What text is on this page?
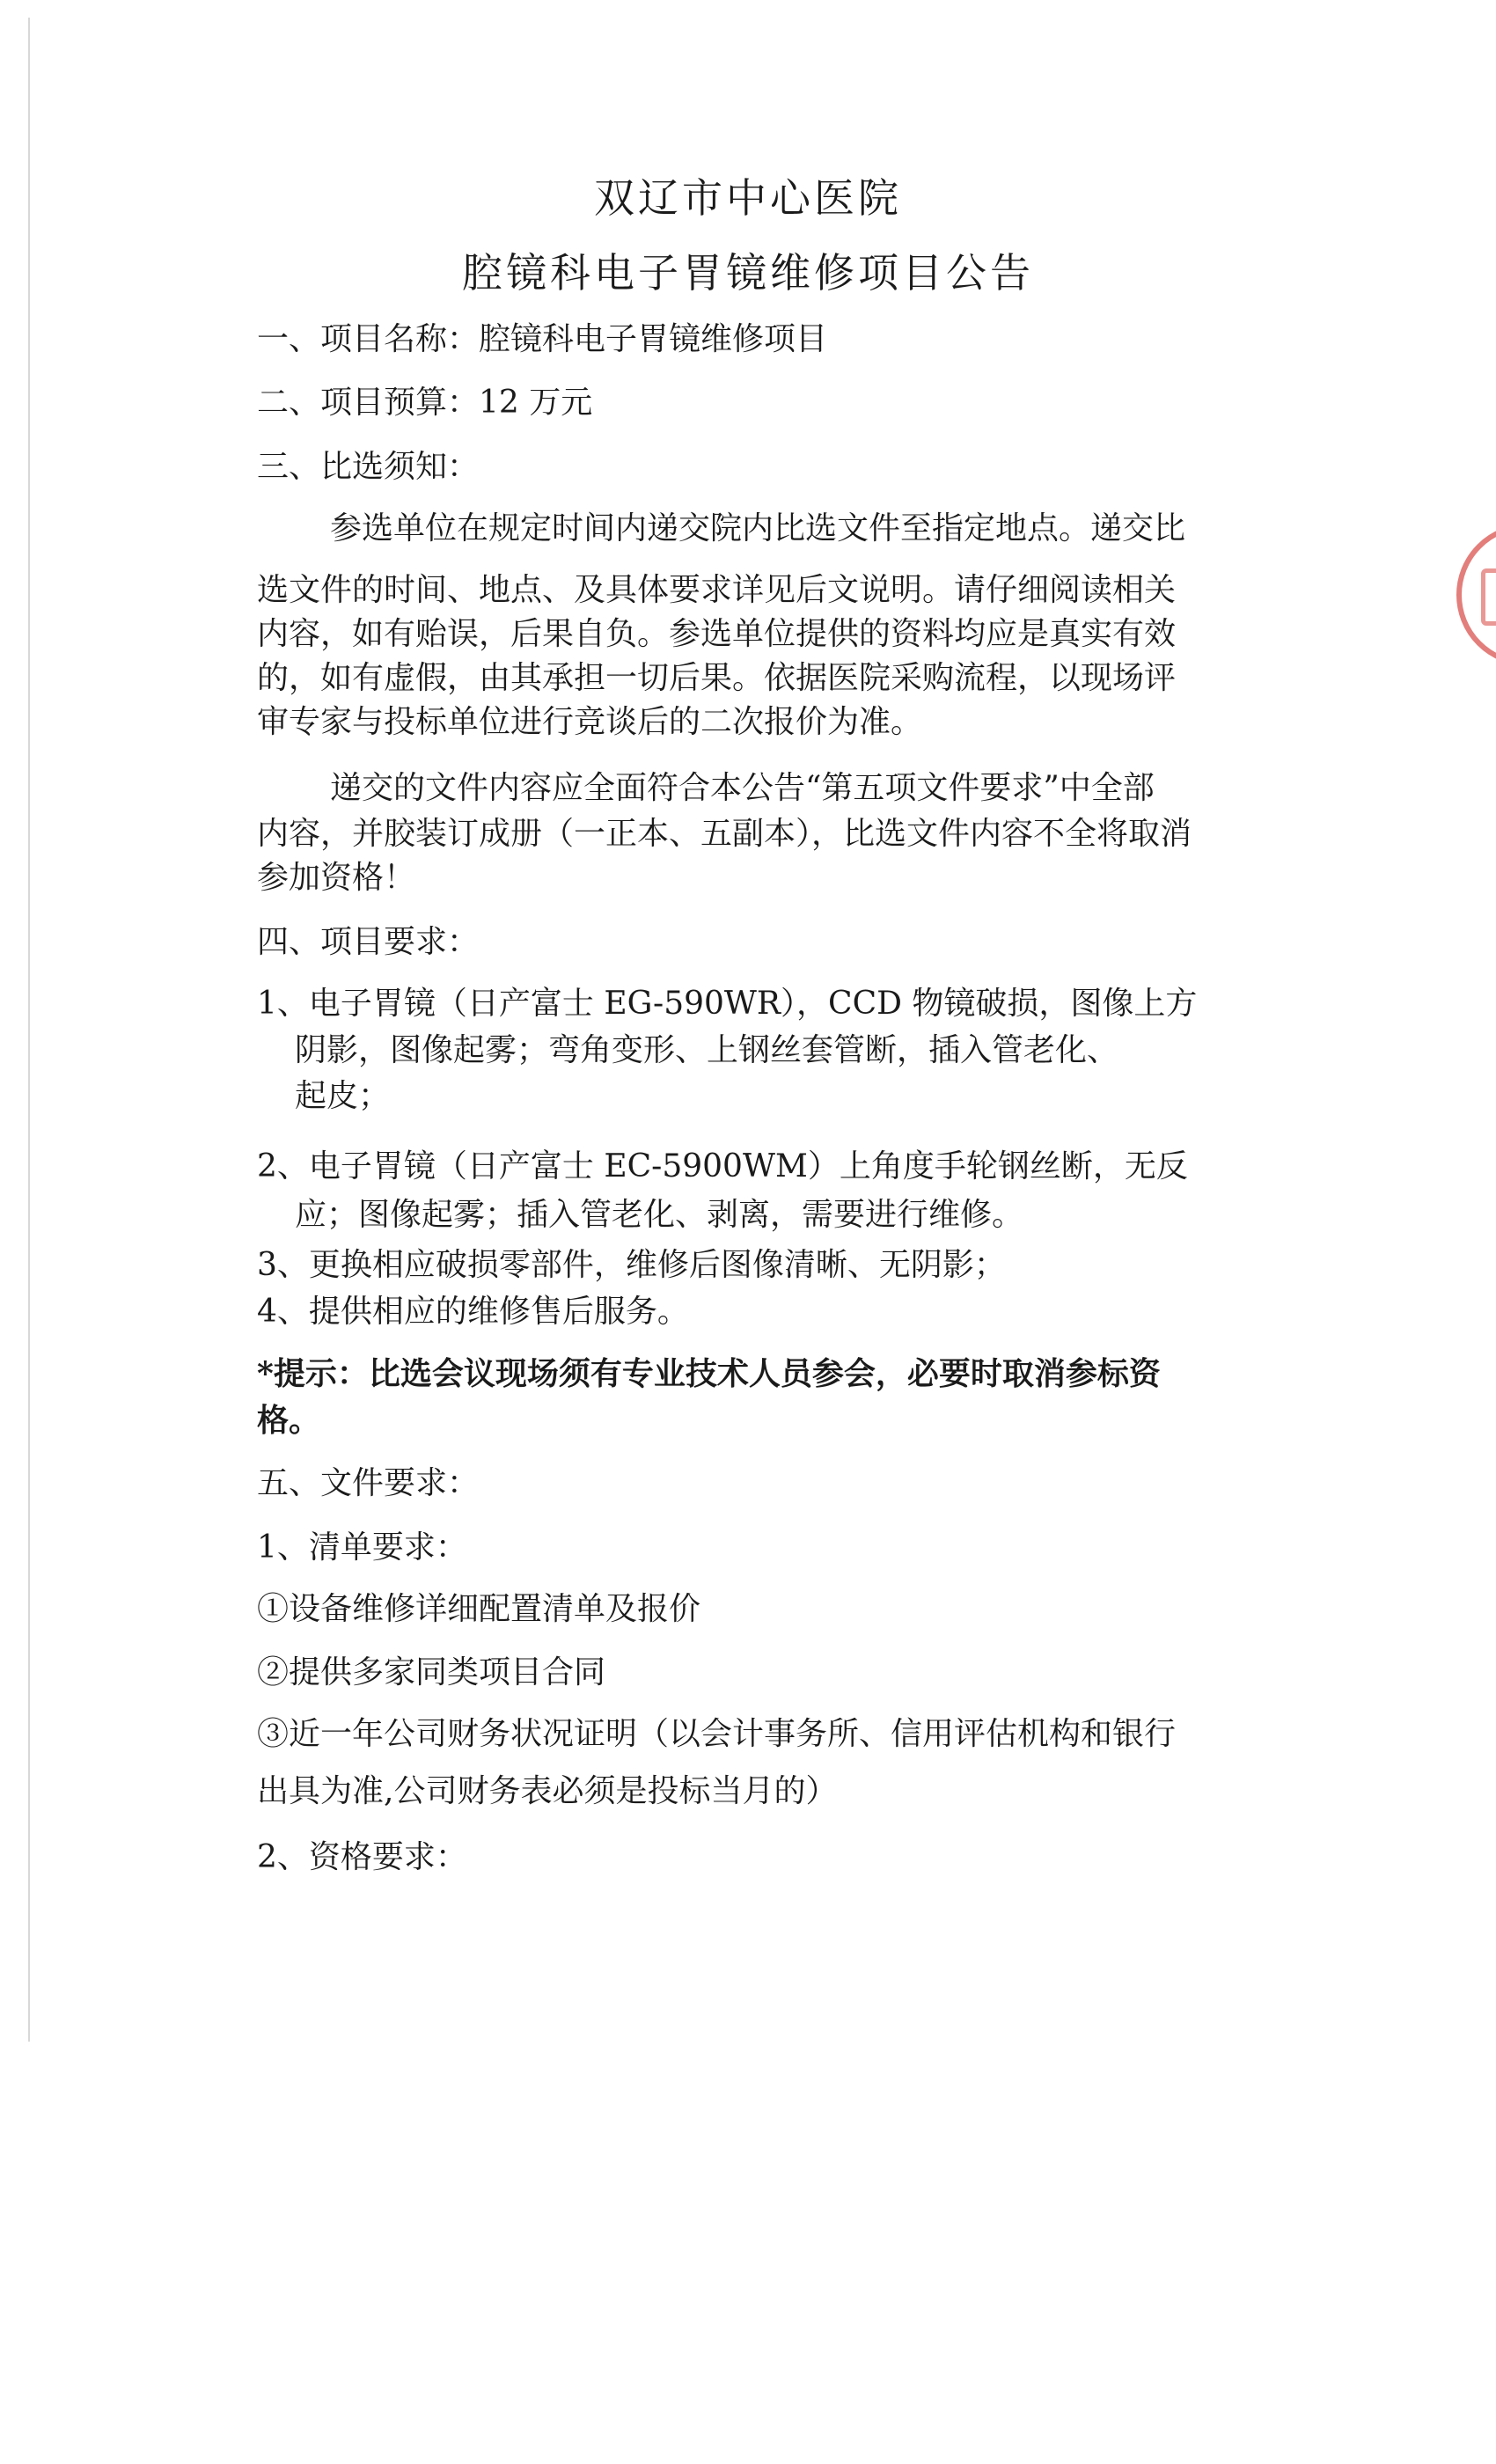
双辽市中心医院
腔镜科电子胃镜维修项目公告
一、项目名称：腔镜科电子胃镜维修项目
二、项目预算：12 万元
三、比选须知：
参选单位在规定时间内递交院内比选文件至指定地点。递交比
选文件的时间、地点、及具体要求详见后文说明。请仔细阅读相关
内容，如有贻误，后果自负。参选单位提供的资料均应是真实有效
的，如有虚假，由其承担一切后果。依据医院采购流程，以现场评
审专家与投标单位进行竞谈后的二次报价为准。
递交的文件内容应全面符合本公告“第五项文件要求”中全部
内容，并胶装订成册（一正本、五副本），比选文件内容不全将取消
参加资格！
四、项目要求：
1、电子胃镜（日产富士 EG-590WR），CCD 物镜破损，图像上方
阴影，图像起雾；弯角变形、上钢丝套管断，插入管老化、
起皮；
2、电子胃镜（日产富士 EC-5900WM）上角度手轮钢丝断，无反
应；图像起雾；插入管老化、剥离，需要进行维修。
3、更换相应破损零部件，维修后图像清晰、无阴影；
4、提供相应的维修售后服务。
*提示：比选会议现场须有专业技术人员参会，必要时取消参标资
格。
五、文件要求：
1、清单要求：
①设备维修详细配置清单及报价
②提供多家同类项目合同
③近一年公司财务状况证明（以会计事务所、信用评估机构和银行
出具为准,公司财务表必须是投标当月的）
2、资格要求：
